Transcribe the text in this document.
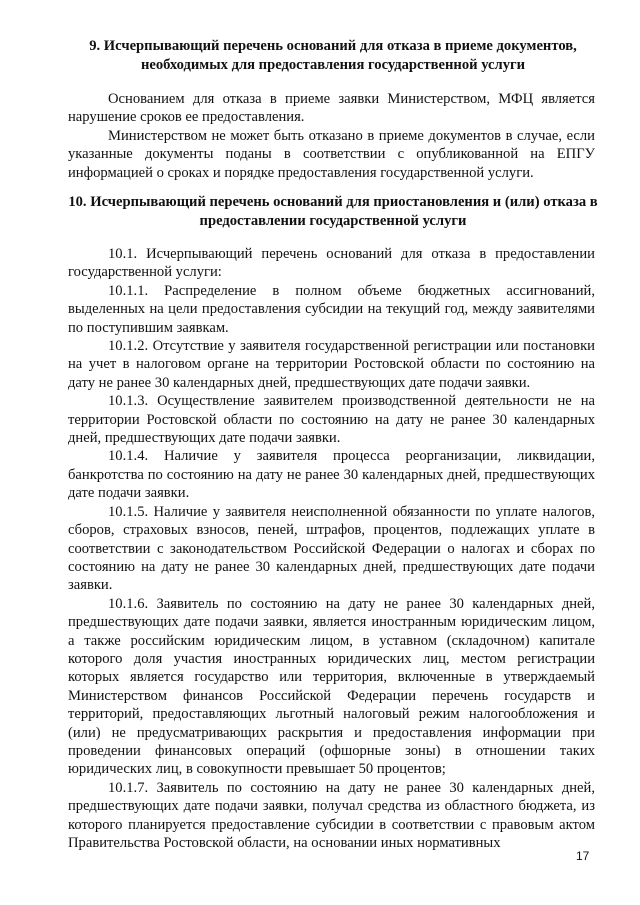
9. Исчерпывающий перечень оснований для отказа в приеме документов, необходимых для предоставления государственной услуги

Основанием для отказа в приеме заявки Министерством, МФЦ является нарушение сроков ее предоставления.

Министерством не может быть отказано в приеме документов в случае, если указанные документы поданы в соответствии с опубликованной на ЕПГУ информацией о сроках и порядке предоставления государственной услуги.

10. Исчерпывающий перечень оснований для приостановления и (или) отказа в предоставлении государственной услуги

10.1. Исчерпывающий перечень оснований для отказа в предоставлении государственной услуги:

10.1.1. Распределение в полном объеме бюджетных ассигнований, выделенных на цели предоставления субсидии на текущий год, между заявителями по поступившим заявкам.

10.1.2. Отсутствие у заявителя государственной регистрации или постановки на учет в налоговом органе на территории Ростовской области по состоянию на дату не ранее 30 календарных дней, предшествующих дате подачи заявки.

10.1.3. Осуществление заявителем производственной деятельности не на территории Ростовской области по состоянию на дату не ранее 30 календарных дней, предшествующих дате подачи заявки.

10.1.4. Наличие у заявителя процесса реорганизации, ликвидации, банкротства по состоянию на дату не ранее 30 календарных дней, предшествующих дате подачи заявки.

10.1.5. Наличие у заявителя неисполненной обязанности по уплате налогов, сборов, страховых взносов, пеней, штрафов, процентов, подлежащих уплате в соответствии с законодательством Российской Федерации о налогах и сборах по состоянию на дату не ранее 30 календарных дней, предшествующих дате подачи заявки.

10.1.6. Заявитель по состоянию на дату не ранее 30 календарных дней, предшествующих дате подачи заявки, является иностранным юридическим лицом, а также российским юридическим лицом, в уставном (складочном) капитале которого доля участия иностранных юридических лиц, местом регистрации которых является государство или территория, включенные в утверждаемый Министерством финансов Российской Федерации перечень государств и территорий, предоставляющих льготный налоговый режим налогообложения и (или) не предусматривающих раскрытия и предоставления информации при проведении финансовых операций (офшорные зоны) в отношении таких юридических лиц, в совокупности превышает 50 процентов;

10.1.7. Заявитель по состоянию на дату не ранее 30 календарных дней, предшествующих дате подачи заявки, получал средства из областного бюджета, из которого планируется предоставление субсидии в соответствии с правовым актом Правительства Ростовской области, на основании иных нормативных

17
